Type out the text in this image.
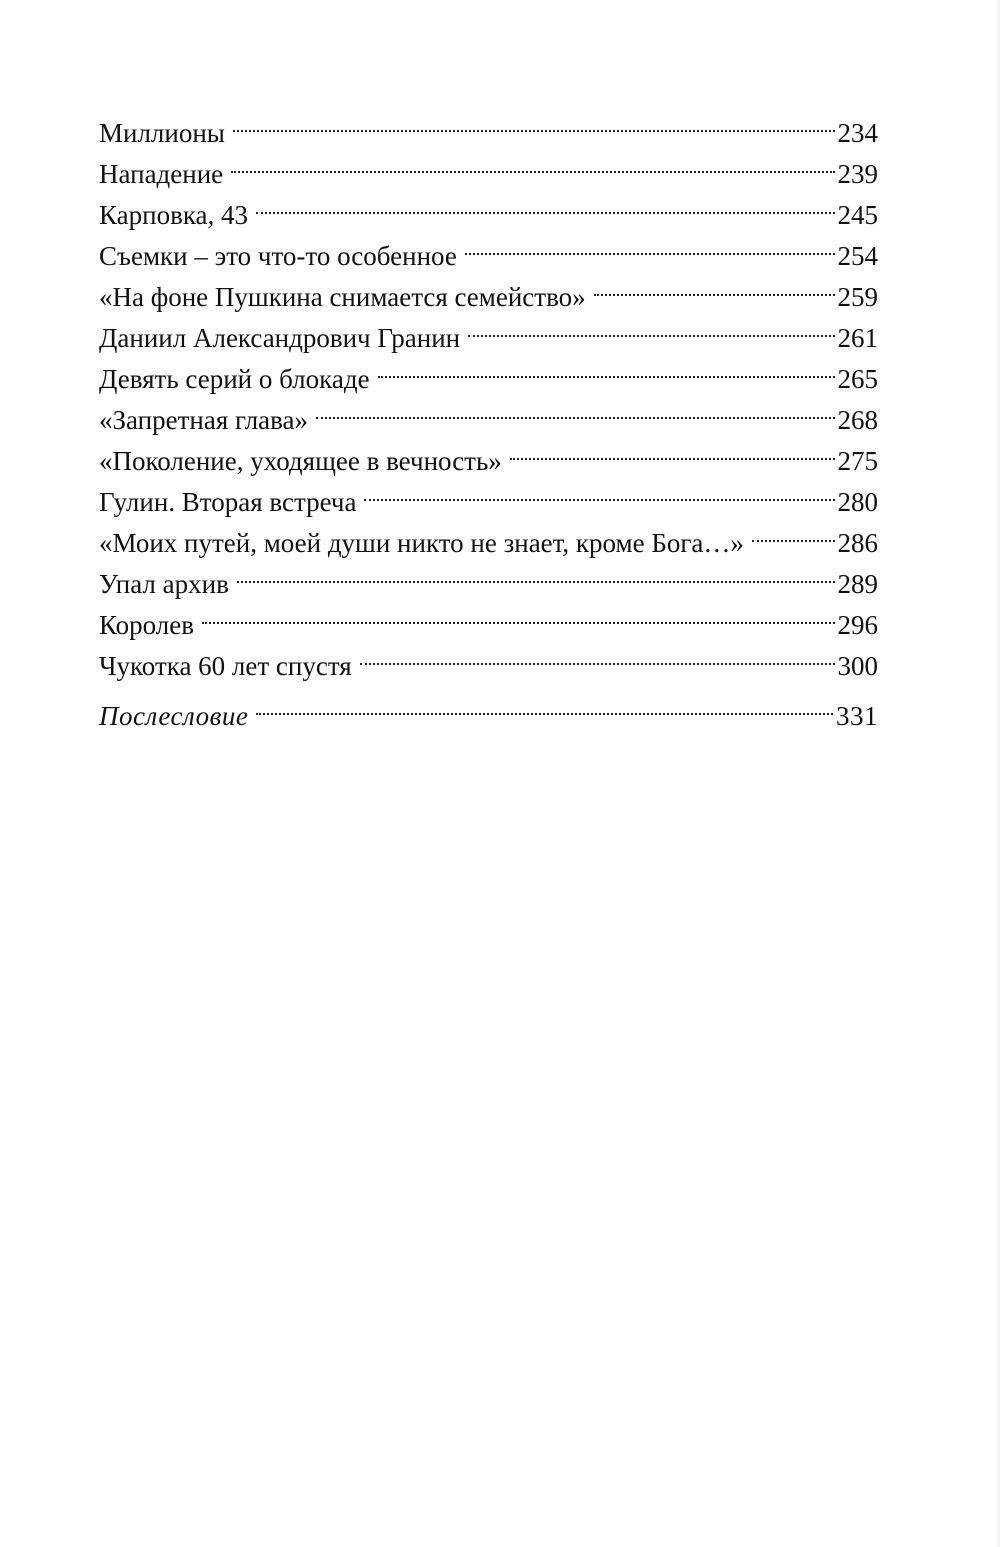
Миллионы	234
Нападение	239
Карповка, 43	245
Съемки – это что-то особенное	254
«На фоне Пушкина снимается семейство»	259
Даниил Александрович Гранин	261
Девять серий о блокаде	265
«Запретная глава»	268
«Поколение, уходящее в вечность»	275
Гулин. Вторая встреча	280
«Моих путей, моей души никто не знает, кроме Бога…»	286
Упал архив	289
Королев	296
Чукотка 60 лет спустя	300
Послесловие	331
